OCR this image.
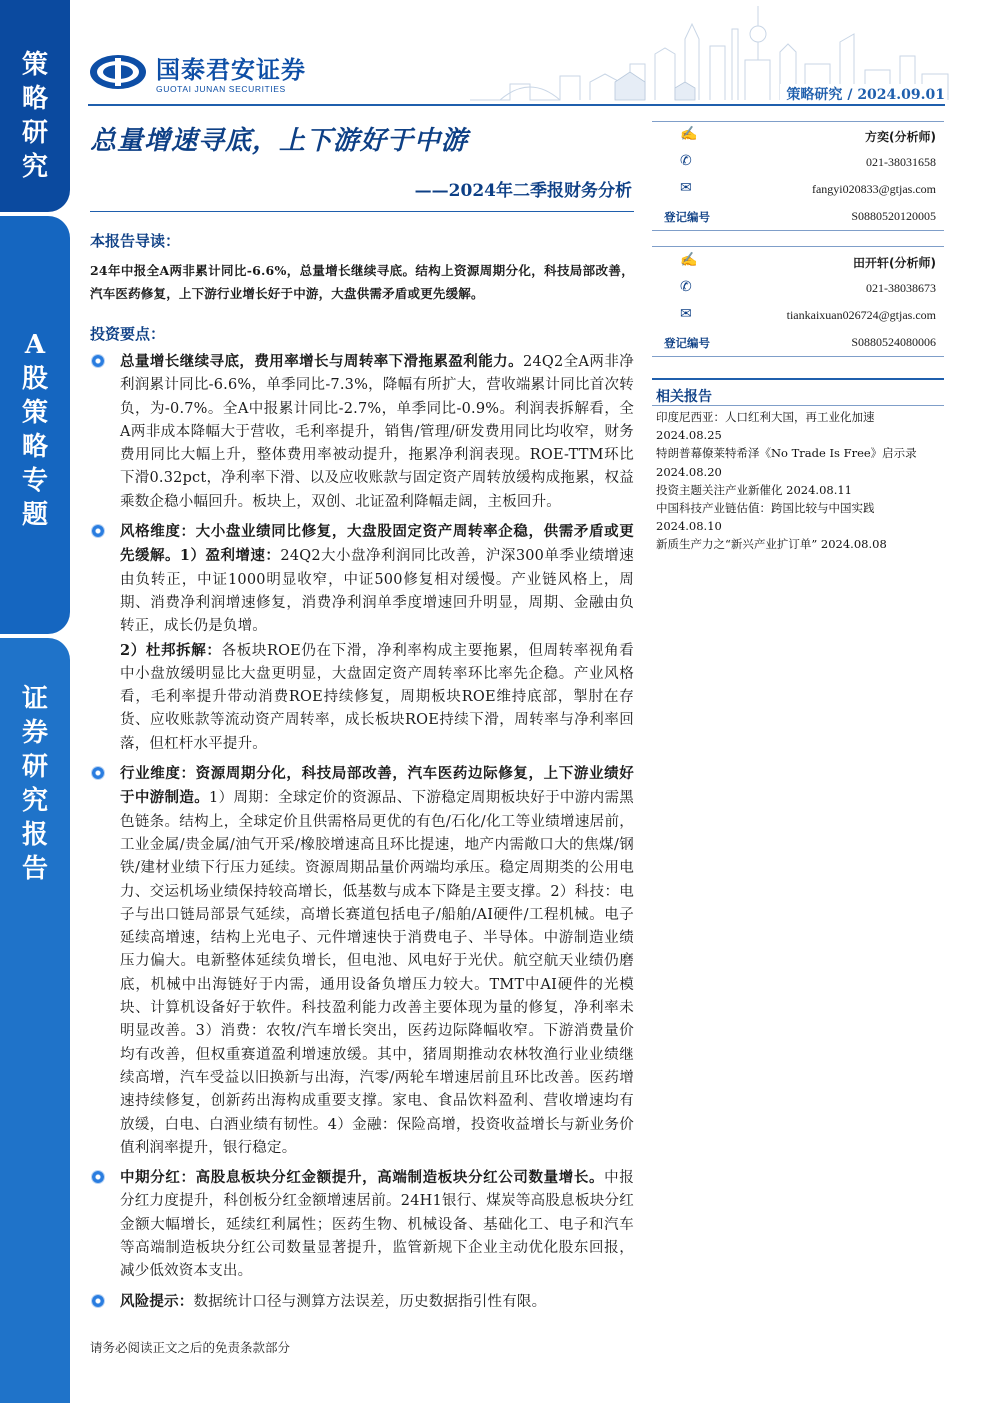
策
略
研
究
A
股
策
略
专
题
证
券
研
究
报
告
国泰君安证券
GUOTAI JUNAN SECURITIES	策略研究 / 2024.09.01
总量增速寻底，上下游好于中游
——2024年二季报财务分析
本报告导读：
24年中报全A两非累计同比-6.6%，总量增长继续寻底。结构上资源周期分化，科技局部改善，汽车医药修复，上下游行业增长好于中游，大盘供需矛盾或更先缓解。
投资要点：
总量增长继续寻底，费用率增长与周转率下滑拖累盈利能力。24Q2全A两非净利润累计同比-6.6%，单季同比-7.3%，降幅有所扩大，营收端累计同比首次转负，为-0.7%。全A中报累计同比-2.7%，单季同比-0.9%。利润表拆解看，全A两非成本降幅大于营收，毛利率提升，销售/管理/研发费用同比均收窄，财务费用同比大幅上升，整体费用率被动提升，拖累净利润表现。ROE-TTM环比下滑0.32pct，净利率下滑、以及应收账款与固定资产周转放缓构成拖累，权益乘数企稳小幅回升。板块上，双创、北证盈利降幅走阔，主板回升。
风格维度：大小盘业绩同比修复，大盘股固定资产周转率企稳，供需矛盾或更先缓解。1）盈利增速：24Q2大小盘净利润同比改善，沪深300单季业绩增速由负转正，中证1000明显收窄，中证500修复相对缓慢。产业链风格上，周期、消费净利润增速修复，消费净利润单季度增速回升明显，周期、金融由负转正，成长仍是负增。
2）杜邦拆解：各板块ROE仍在下滑，净利率构成主要拖累，但周转率视角看中小盘放缓明显比大盘更明显，大盘固定资产周转率环比率先企稳。产业风格看，毛利率提升带动消费ROE持续修复，周期板块ROE维持底部，掣肘在存货、应收账款等流动资产周转率，成长板块ROE持续下滑，周转率与净利率回落，但杠杆水平提升。
行业维度：资源周期分化，科技局部改善，汽车医药边际修复，上下游业绩好于中游制造。1）周期：全球定价的资源品、下游稳定周期板块好于中游内需黑色链条。结构上，全球定价且供需格局更优的有色/石化/化工等业绩增速居前，工业金属/贵金属/油气开采/橡胶增速高且环比提速，地产内需敞口大的焦煤/钢铁/建材业绩下行压力延续。资源周期品量价两端均承压。稳定周期类的公用电力、交运机场业绩保持较高增长，低基数与成本下降是主要支撑。2）科技：电子与出口链局部景气延续，高增长赛道包括电子/船舶/AI硬件/工程机械。电子延续高增速，结构上光电子、元件增速快于消费电子、半导体。中游制造业绩压力偏大。电新整体延续负增长，但电池、风电好于光伏。航空航天业绩仍磨底，机械中出海链好于内需，通用设备负增压力较大。TMT中AI硬件的光模块、计算机设备好于软件。科技盈利能力改善主要体现为量的修复，净利率未明显改善。3）消费：农牧/汽车增长突出，医药边际降幅收窄。下游消费量价均有改善，但权重赛道盈利增速放缓。其中，猪周期推动农林牧渔行业业绩继续高增，汽车受益以旧换新与出海，汽零/两轮车增速居前且环比改善。医药增速持续修复，创新药出海构成重要支撑。家电、食品饮料盈利、营收增速均有放缓，白电、白酒业绩有韧性。4）金融：保险高增，投资收益增长与新业务价值利润率提升，银行稳定。
中期分红：高股息板块分红金额提升，高端制造板块分红公司数量增长。中报分红力度提升，科创板分红金额增速居前。24H1银行、煤炭等高股息板块分红金额大幅增长，延续红利属性；医药生物、机械设备、基础化工、电子和汽车等高端制造板块分红公司数量显著提升，监管新规下企业主动优化股东回报，减少低效资本支出。
风险提示：数据统计口径与测算方法误差，历史数据指引性有限。
请务必阅读正文之后的免责条款部分
✍	方奕(分析师)
✆	021-38031658
✉	fangyi020833@gtjas.com
登记编号	S0880520120005
✍	田开轩(分析师)
✆	021-38038673
✉	tiankaixuan026724@gtjas.com
登记编号	S0880524080006
相关报告
印度尼西亚：人口红利大国，再工业化加速
2024.08.25
特朗普幕僚莱特希泽《No Trade Is Free》启示录
2024.08.20
投资主题关注产业新催化 2024.08.11
中国科技产业链估值：跨国比较与中国实践
2024.08.10
新质生产力之“新兴产业扩订单” 2024.08.08
